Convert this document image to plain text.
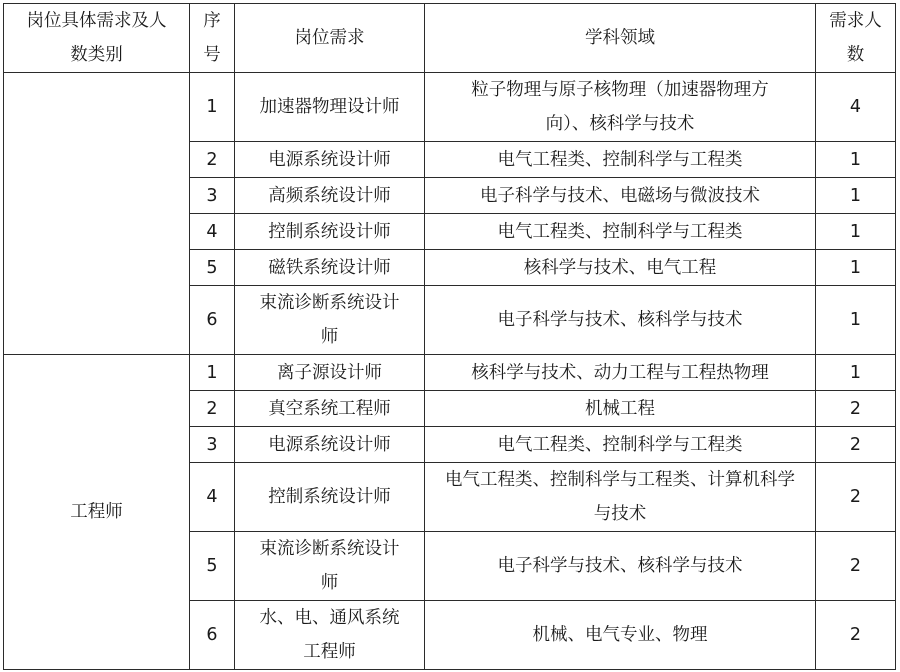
岗位具体需求及人数类别	序号	岗位需求	学科领域	需求人数
	1	加速器物理设计师	粒子物理与原子核物理（加速器物理方向）、核科学与技术	4
	2	电源系统设计师	电气工程类、控制科学与工程类	1
	3	高频系统设计师	电子科学与技术、电磁场与微波技术	1
	4	控制系统设计师	电气工程类、控制科学与工程类	1
	5	磁铁系统设计师	核科学与技术、电气工程	1
	6	束流诊断系统设计师	电子科学与技术、核科学与技术	1
工程师	1	离子源设计师	核科学与技术、动力工程与工程热物理	1
	2	真空系统工程师	机械工程	2
	3	电源系统设计师	电气工程类、控制科学与工程类	2
	4	控制系统设计师	电气工程类、控制科学与工程类、计算机科学与技术	2
	5	束流诊断系统设计师	电子科学与技术、核科学与技术	2
	6	水、电、通风系统工程师	机械、电气专业、物理	2
